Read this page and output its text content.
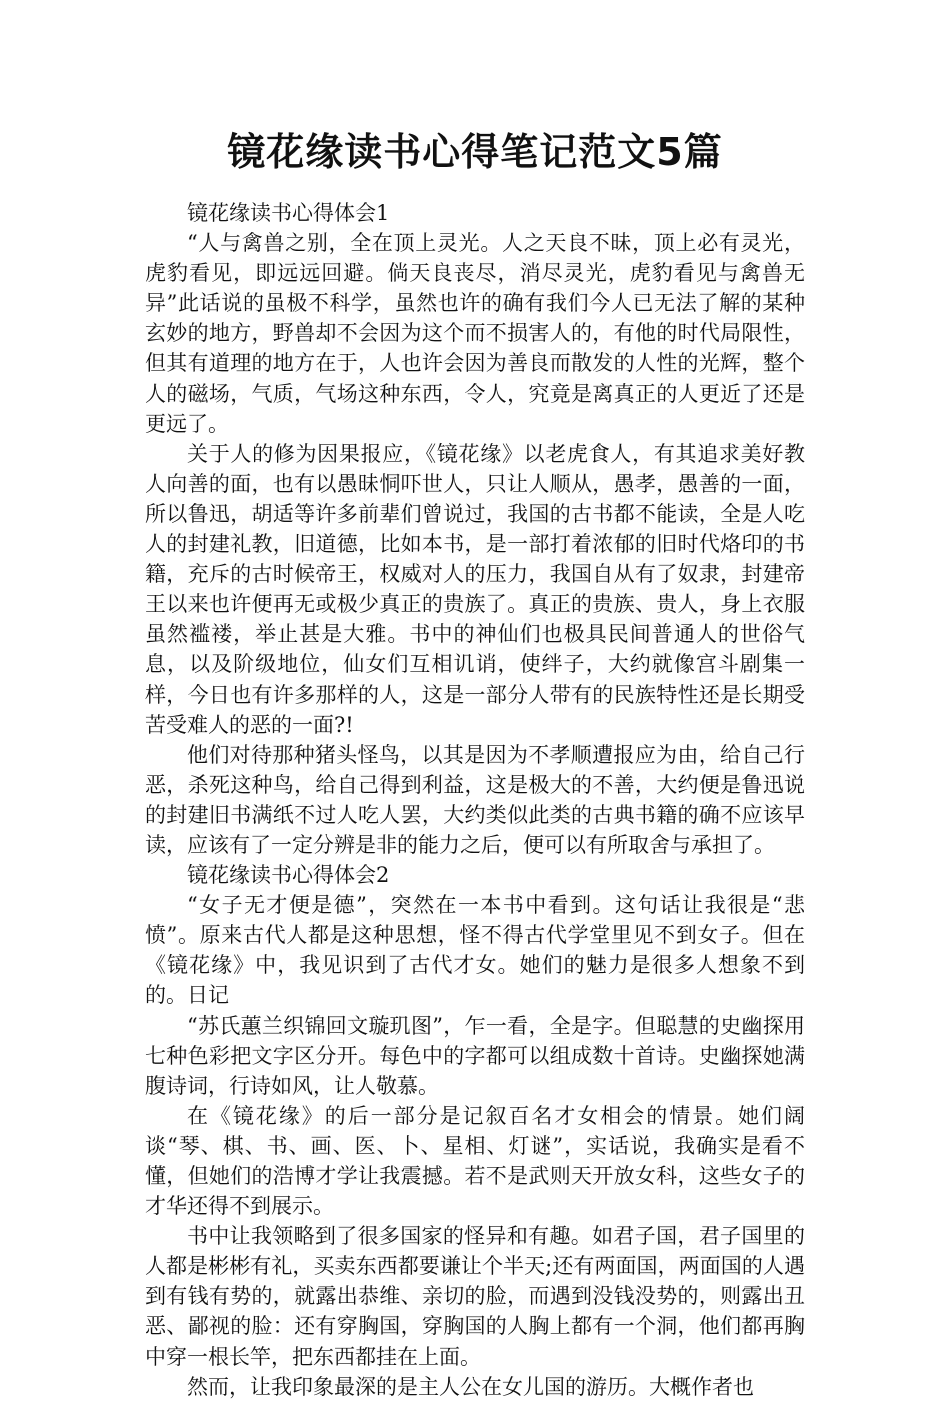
镜花缘读书心得笔记范文5篇

镜花缘读书心得体会1

“人与禽兽之别，全在顶上灵光。人之天良不昧，顶上必有灵光，虎豹看见，即远远回避。倘天良丧尽，消尽灵光，虎豹看见与禽兽无异”此话说的虽极不科学，虽然也许的确有我们今人已无法了解的某种玄妙的地方，野兽却不会因为这个而不损害人的，有他的时代局限性，但其有道理的地方在于，人也许会因为善良而散发的人性的光辉，整个人的磁场，气质，气场这种东西，令人，究竟是离真正的人更近了还是更远了。

关于人的修为因果报应，《镜花缘》以老虎食人，有其追求美好教人向善的面，也有以愚昧恫吓世人，只让人顺从，愚孝，愚善的一面，所以鲁迅，胡适等许多前辈们曾说过，我国的古书都不能读，全是人吃人的封建礼教，旧道德，比如本书，是一部打着浓郁的旧时代烙印的书籍，充斥的古时候帝王，权威对人的压力，我国自从有了奴隶，封建帝王以来也许便再无或极少真正的贵族了。真正的贵族、贵人，身上衣服虽然褴褛，举止甚是大雅。书中的神仙们也极具民间普通人的世俗气息，以及阶级地位，仙女们互相讥诮，使绊子，大约就像宫斗剧集一样，今日也有许多那样的人，这是一部分人带有的民族特性还是长期受苦受难人的恶的一面?!

他们对待那种猪头怪鸟，以其是因为不孝顺遭报应为由，给自己行恶，杀死这种鸟，给自己得到利益，这是极大的不善，大约便是鲁迅说的封建旧书满纸不过人吃人罢，大约类似此类的古典书籍的确不应该早读，应该有了一定分辨是非的能力之后，便可以有所取舍与承担了。

镜花缘读书心得体会2

“女子无才便是德”，突然在一本书中看到。这句话让我很是“悲愤”。原来古代人都是这种思想，怪不得古代学堂里见不到女子。但在《镜花缘》中，我见识到了古代才女。她们的魅力是很多人想象不到的。日记

“苏氏蕙兰织锦回文璇玑图”，乍一看，全是字。但聪慧的史幽探用七种色彩把文字区分开。每色中的字都可以组成数十首诗。史幽探她满腹诗词，行诗如风，让人敬慕。

在《镜花缘》的后一部分是记叙百名才女相会的情景。她们阔谈“琴、棋、书、画、医、卜、星相、灯谜”，实话说，我确实是看不懂，但她们的浩博才学让我震撼。若不是武则天开放女科，这些女子的才华还得不到展示。

书中让我领略到了很多国家的怪异和有趣。如君子国，君子国里的人都是彬彬有礼，买卖东西都要谦让个半天;还有两面国，两面国的人遇到有钱有势的，就露出恭维、亲切的脸，而遇到没钱没势的，则露出丑恶、鄙视的脸：还有穿胸国，穿胸国的人胸上都有一个洞，他们都再胸中穿一根长竿，把东西都挂在上面。

然而，让我印象最深的是主人公在女儿国的游历。大概作者也
